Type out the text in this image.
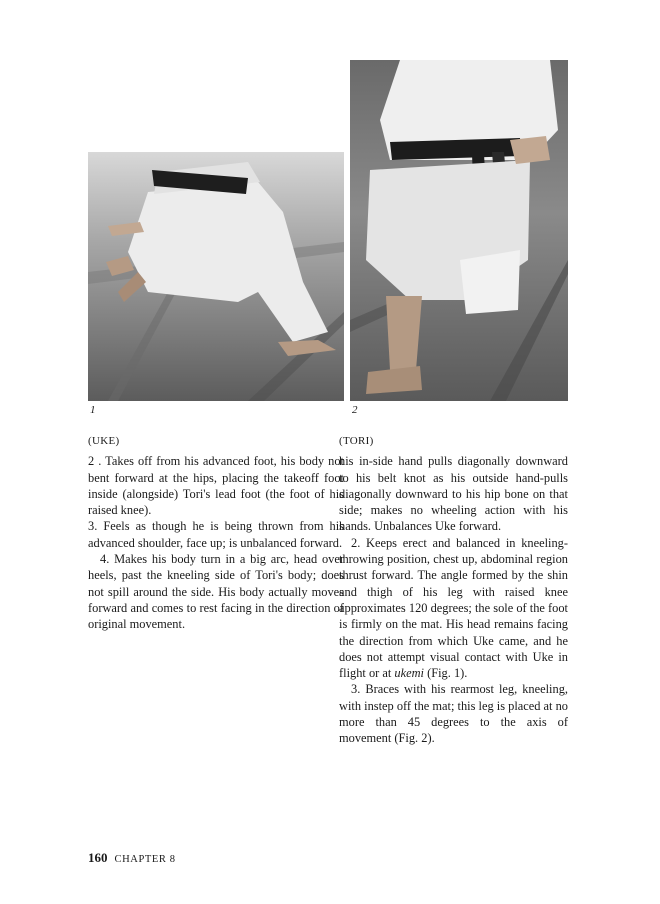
1	2
(UKE)

2 . Takes off from his advanced foot, his body not bent forward at the hips, placing the takeoff foot inside (alongside) Tori's lead foot (the foot of his raised knee).

3. Feels as though he is being thrown from his advanced shoulder, face up; is unbalanced forward.

4. Makes his body turn in a big arc, head over heels, past the kneeling side of Tori's body; does not spill around the side. His body actually moves forward and comes to rest facing in the direction of original movement.

(TORI)

his in-side hand pulls diagonally downward to his belt knot as his outside hand-pulls diagonally downward to his hip bone on that side; makes no wheeling action with his hands. Unbalances Uke forward.

2. Keeps erect and balanced in kneeling-throwing position, chest up, abdominal region thrust forward. The angle formed by the shin and thigh of his leg with raised knee approximates 120 degrees; the sole of the foot is firmly on the mat. His head remains facing the direction from which Uke came, and he does not attempt visual contact with Uke in flight or at ukemi (Fig. 1).

3. Braces with his rearmost leg, kneeling, with instep off the mat; this leg is placed at no more than 45 degrees to the axis of movement (Fig. 2).

160 CHAPTER 8
